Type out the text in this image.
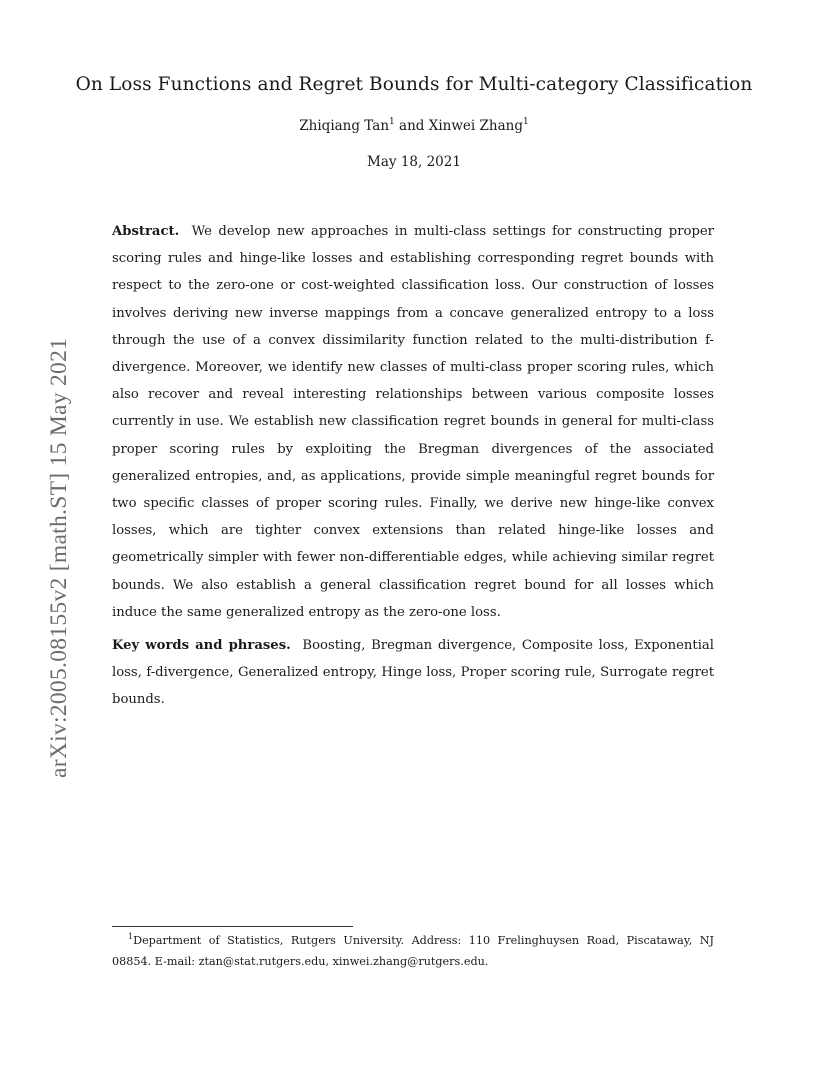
arXiv:2005.08155v2 [math.ST] 15 May 2021
On Loss Functions and Regret Bounds for Multi-category Classification
Zhiqiang Tan$^1$ and Xinwei Zhang$^1$
May 18, 2021

Abstract. We develop new approaches in multi-class settings for constructing proper scoring rules and hinge-like losses and establishing corresponding regret bounds with respect to the zero-one or cost-weighted classification loss. Our construction of losses involves deriving new inverse mappings from a concave generalized entropy to a loss through the use of a convex dissimilarity function related to the multi-distribution f-divergence. Moreover, we identify new classes of multi-class proper scoring rules, which also recover and reveal interesting relationships between various composite losses currently in use. We establish new classification regret bounds in general for multi-class proper scoring rules by exploiting the Bregman divergences of the associated generalized entropies, and, as applications, provide simple meaningful regret bounds for two specific classes of proper scoring rules. Finally, we derive new hinge-like convex losses, which are tighter convex extensions than related hinge-like losses and geometrically simpler with fewer non-differentiable edges, while achieving similar regret bounds. We also establish a general classification regret bound for all losses which induce the same generalized entropy as the zero-one loss.

Key words and phrases. Boosting, Bregman divergence, Composite loss, Exponential loss, f-divergence, Generalized entropy, Hinge loss, Proper scoring rule, Surrogate regret bounds.

$^1$Department of Statistics, Rutgers University. Address: 110 Frelinghuysen Road, Piscataway, NJ 08854. E-mail: ztan@stat.rutgers.edu, xinwei.zhang@rutgers.edu.
